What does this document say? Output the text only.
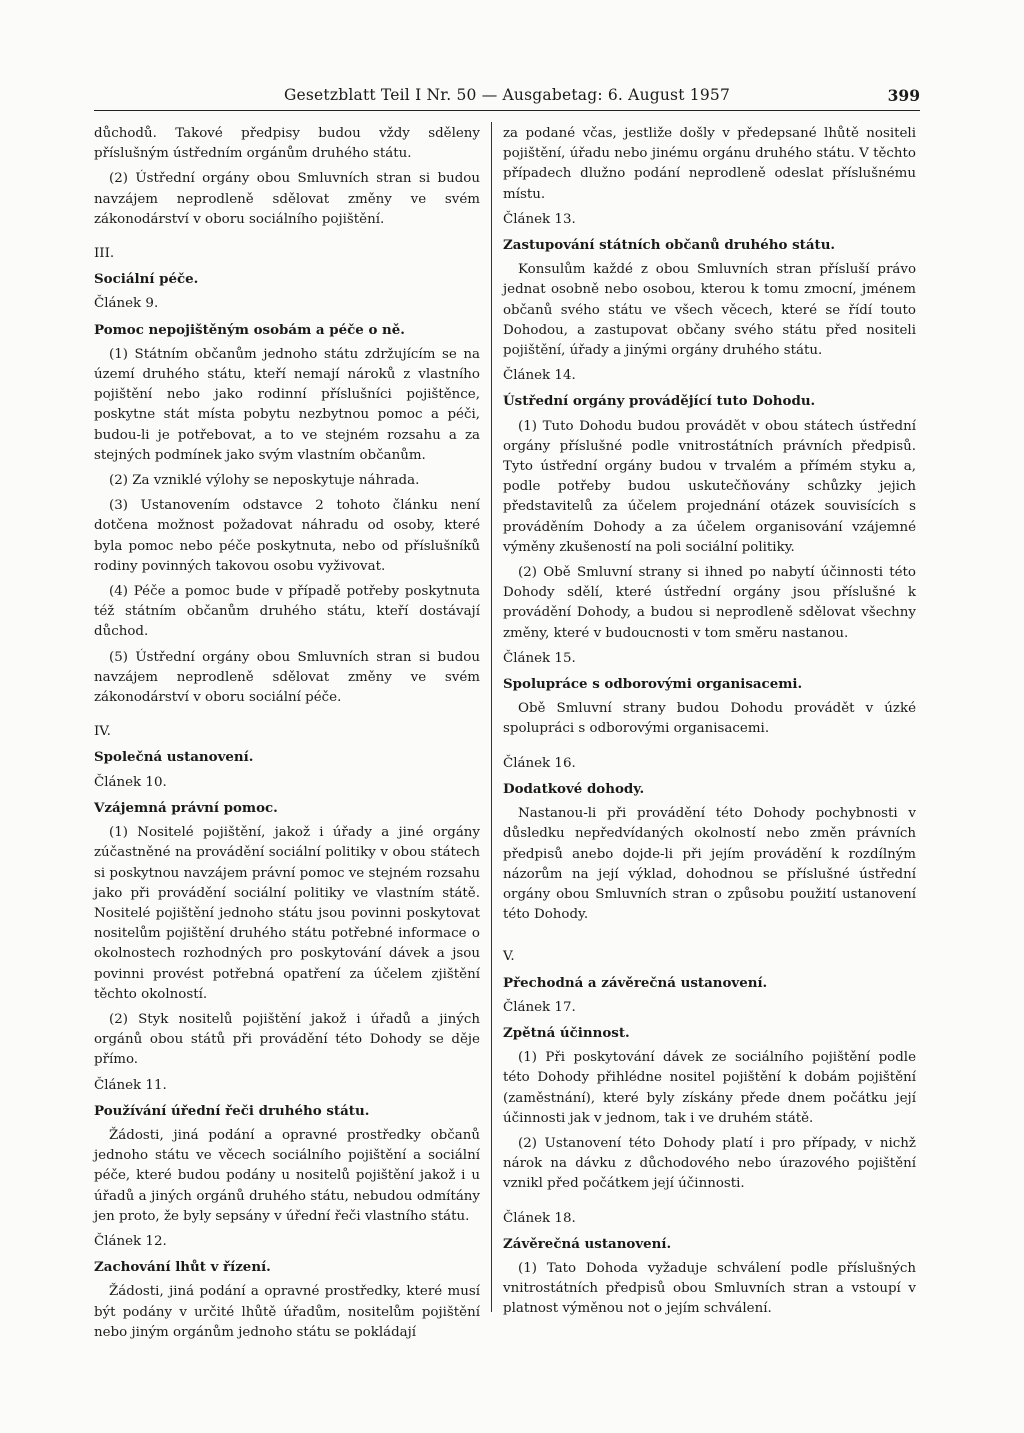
Gesetzblatt Teil I Nr. 50 — Ausgabetag: 6. August 1957	399

důchodů. Takové předpisy budou vždy sděleny příslušným ústředním orgánům druhého státu.

(2) Ústřední orgány obou Smluvních stran si budou navzájem neprodleně sdělovat změny ve svém zákonodárství v oboru sociálního pojištění.

III.

Sociální péče.

Článek 9.

Pomoc nepojištěným osobám a péče o ně.

(1) Státním občanům jednoho státu zdržujícím se na území druhého státu, kteří nemají nároků z vlastního pojištění nebo jako rodinní příslušníci pojištěnce, poskytne stát místa pobytu nezbytnou pomoc a péči, budou-li je potřebovat, a to ve stejném rozsahu a za stejných podmínek jako svým vlastním občanům.

(2) Za vzniklé výlohy se neposkytuje náhrada.

(3) Ustanovením odstavce 2 tohoto článku není dotčena možnost požadovat náhradu od osoby, které byla pomoc nebo péče poskytnuta, nebo od příslušníků rodiny povinných takovou osobu vyživovat.

(4) Péče a pomoc bude v případě potřeby poskytnuta též státním občanům druhého státu, kteří dostávají důchod.

(5) Ústřední orgány obou Smluvních stran si budou navzájem neprodleně sdělovat změny ve svém zákonodárství v oboru sociální péče.

IV.

Společná ustanovení.

Článek 10.

Vzájemná právní pomoc.

(1) Nositelé pojištění, jakož i úřady a jiné orgány zúčastněné na provádění sociální politiky v obou státech si poskytnou navzájem právní pomoc ve stejném rozsahu jako při provádění sociální politiky ve vlastním státě. Nositelé pojištění jednoho státu jsou povinni poskytovat nositelům pojištění druhého státu potřebné informace o okolnostech rozhodných pro poskytování dávek a jsou povinni provést potřebná opatření za účelem zjištění těchto okolností.

(2) Styk nositelů pojištění jakož i úřadů a jiných orgánů obou států při provádění této Dohody se děje přímo.

Článek 11.

Používání úřední řeči druhého státu.

Žádosti, jiná podání a opravné prostředky občanů jednoho státu ve věcech sociálního pojištění a sociální péče, které budou podány u nositelů pojištění jakož i u úřadů a jiných orgánů druhého státu, nebudou odmítány jen proto, že byly sepsány v úřední řeči vlastního státu.

Článek 12.

Zachování lhůt v řízení.

Žádosti, jiná podání a opravné prostředky, které musí být podány v určité lhůtě úřadům, nositelům pojištění nebo jiným orgánům jednoho státu se pokládají

za podané včas, jestliže došly v předepsané lhůtě nositeli pojištění, úřadu nebo jinému orgánu druhého státu. V těchto případech dlužno podání neprodleně odeslat příslušnému místu.

Článek 13.

Zastupování státních občanů druhého státu.

Konsulům každé z obou Smluvních stran přísluší právo jednat osobně nebo osobou, kterou k tomu zmocní, jménem občanů svého státu ve všech věcech, které se řídí touto Dohodou, a zastupovat občany svého státu před nositeli pojištění, úřady a jinými orgány druhého státu.

Článek 14.

Ústřední orgány provádějící tuto Dohodu.

(1) Tuto Dohodu budou provádět v obou státech ústřední orgány příslušné podle vnitrostátních právních předpisů. Tyto ústřední orgány budou v trvalém a přímém styku a, podle potřeby budou uskutečňovány schůzky jejich představitelů za účelem projednání otázek souvisících s prováděním Dohody a za účelem organisování vzájemné výměny zkušeností na poli sociální politiky.

(2) Obě Smluvní strany si ihned po nabytí účinnosti této Dohody sdělí, které ústřední orgány jsou příslušné k provádění Dohody, a budou si neprodleně sdělovat všechny změny, které v budoucnosti v tom směru nastanou.

Článek 15.

Spolupráce s odborovými organisacemi.

Obě Smluvní strany budou Dohodu provádět v úzké spolupráci s odborovými organisacemi.

Článek 16.

Dodatkové dohody.

Nastanou-li při provádění této Dohody pochybnosti v důsledku nepředvídaných okolností nebo změn právních předpisů anebo dojde-li při jejím provádění k rozdílným názorům na její výklad, dohodnou se příslušné ústřední orgány obou Smluvních stran o způsobu použití ustanovení této Dohody.

V.

Přechodná a závěrečná ustanovení.

Článek 17.

Zpětná účinnost.

(1) Při poskytování dávek ze sociálního pojištění podle této Dohody přihlédne nositel pojištění k dobám pojištění (zaměstnání), které byly získány přede dnem počátku její účinnosti jak v jednom, tak i ve druhém státě.

(2) Ustanovení této Dohody platí i pro případy, v nichž nárok na dávku z důchodového nebo úrazového pojištění vznikl před počátkem její účinnosti.

Článek 18.

Závěrečná ustanovení.

(1) Tato Dohoda vyžaduje schválení podle příslušných vnitrostátních předpisů obou Smluvních stran a vstoupí v platnost výměnou not o jejím schválení.
